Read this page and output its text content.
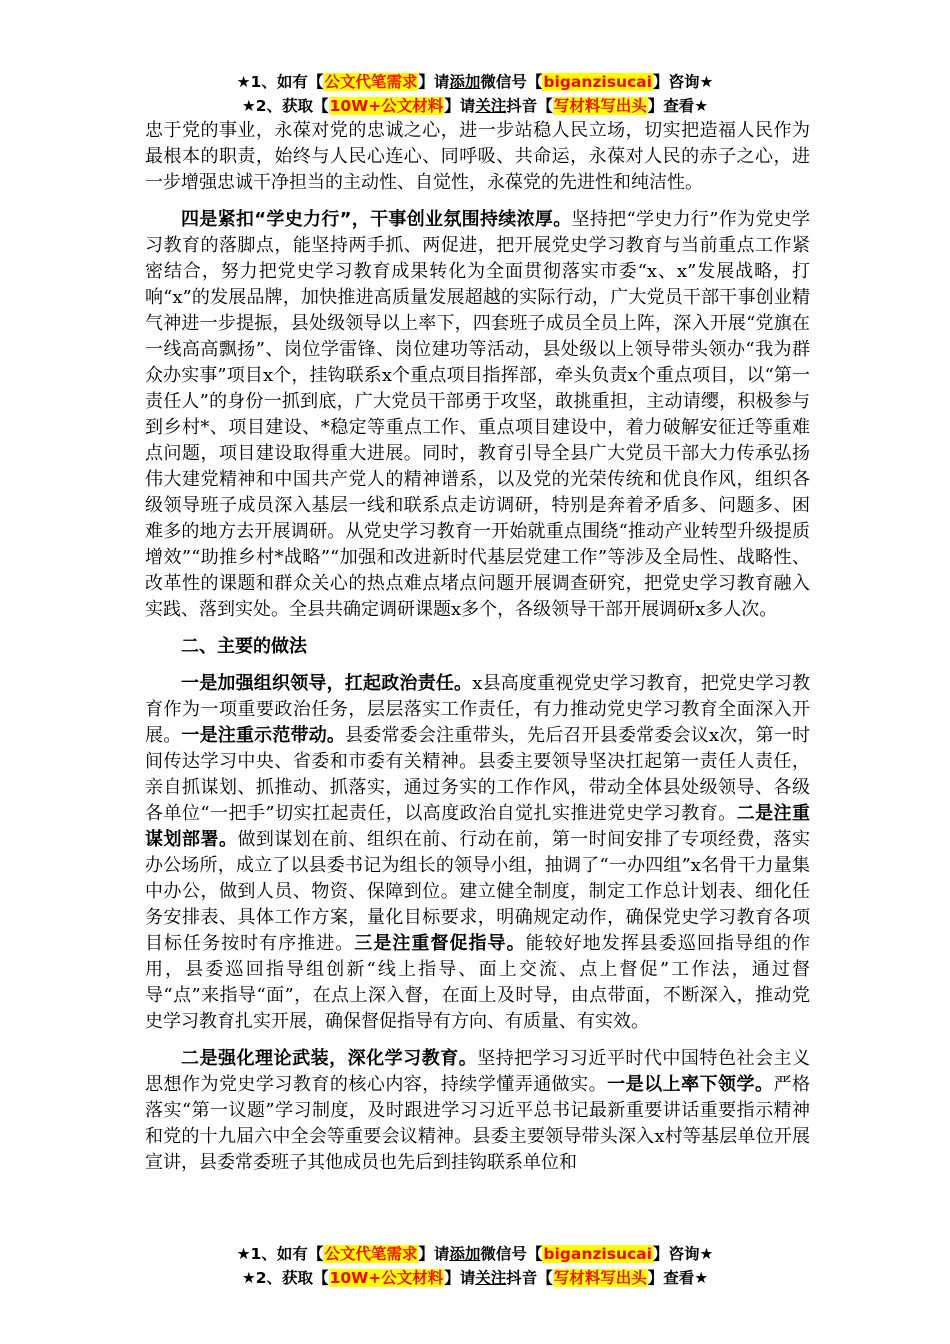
★1、如有【公文代笔需求】请添加微信号【biganzisucai】咨询★
★2、获取【10W+公文材料】请关注抖音【写材料写出头】查看★

忠于党的事业，永葆对党的忠诚之心，进一步站稳人民立场，切实把造福人民作为最根本的职责，始终与人民心连心、同呼吸、共命运，永葆对人民的赤子之心，进一步增强忠诚干净担当的主动性、自觉性，永葆党的先进性和纯洁性。

四是紧扣“学史力行”，干事创业氛围持续浓厚。坚持把“学史力行”作为党史学习教育的落脚点，能坚持两手抓、两促进，把开展党史学习教育与当前重点工作紧密结合，努力把党史学习教育成果转化为全面贯彻落实市委“x、x”发展战略，打响“x”的发展品牌，加快推进高质量发展超越的实际行动，广大党员干部干事创业精气神进一步提振，县处级领导以上率下，四套班子成员全员上阵，深入开展“党旗在一线高高飘扬”、岗位学雷锋、岗位建功等活动，县处级以上领导带头领办“我为群众办实事”项目x个，挂钩联系x个重点项目指挥部，牵头负责x个重点项目，以“第一责任人”的身份一抓到底，广大党员干部勇于攻坚，敢挑重担，主动请缨，积极参与到乡村*、项目建设、*稳定等重点工作、重点项目建设中，着力破解安征迁等重难点问题，项目建设取得重大进展。同时，教育引导全县广大党员干部大力传承弘扬伟大建党精神和中国共产党人的精神谱系，以及党的光荣传统和优良作风，组织各级领导班子成员深入基层一线和联系点走访调研，特别是奔着矛盾多、问题多、困难多的地方去开展调研。从党史学习教育一开始就重点围绕“推动产业转型升级提质增效”“助推乡村*战略”“加强和改进新时代基层党建工作”等涉及全局性、战略性、改革性的课题和群众关心的热点难点堵点问题开展调查研究，把党史学习教育融入实践、落到实处。全县共确定调研课题x多个，各级领导干部开展调研x多人次。

二、主要的做法

一是加强组织领导，扛起政治责任。x县高度重视党史学习教育，把党史学习教育作为一项重要政治任务，层层落实工作责任，有力推动党史学习教育全面深入开展。一是注重示范带动。县委常委会注重带头，先后召开县委常委会议x次，第一时间传达学习中央、省委和市委有关精神。县委主要领导坚决扛起第一责任人责任，亲自抓谋划、抓推动、抓落实，通过务实的工作作风，带动全体县处级领导、各级各单位“一把手”切实扛起责任，以高度政治自觉扎实推进党史学习教育。二是注重谋划部署。做到谋划在前、组织在前、行动在前，第一时间安排了专项经费，落实办公场所，成立了以县委书记为组长的领导小组，抽调了“一办四组”x名骨干力量集中办公，做到人员、物资、保障到位。建立健全制度，制定工作总计划表、细化任务安排表、具体工作方案，量化目标要求，明确规定动作，确保党史学习教育各项目标任务按时有序推进。三是注重督促指导。能较好地发挥县委巡回指导组的作用，县委巡回指导组创新“线上指导、面上交流、点上督促”工作法，通过督导“点”来指导“面”，在点上深入督，在面上及时导，由点带面，不断深入，推动党史学习教育扎实开展，确保督促指导有方向、有质量、有实效。

二是强化理论武装，深化学习教育。坚持把学习习近平时代中国特色社会主义思想作为党史学习教育的核心内容，持续学懂弄通做实。一是以上率下领学。严格落实“第一议题”学习制度，及时跟进学习习近平总书记最新重要讲话重要指示精神和党的十九届六中全会等重要会议精神。县委主要领导带头深入x村等基层单位开展宣讲，县委常委班子其他成员也先后到挂钩联系单位和

★1、如有【公文代笔需求】请添加微信号【biganzisucai】咨询★
★2、获取【10W+公文材料】请关注抖音【写材料写出头】查看★
